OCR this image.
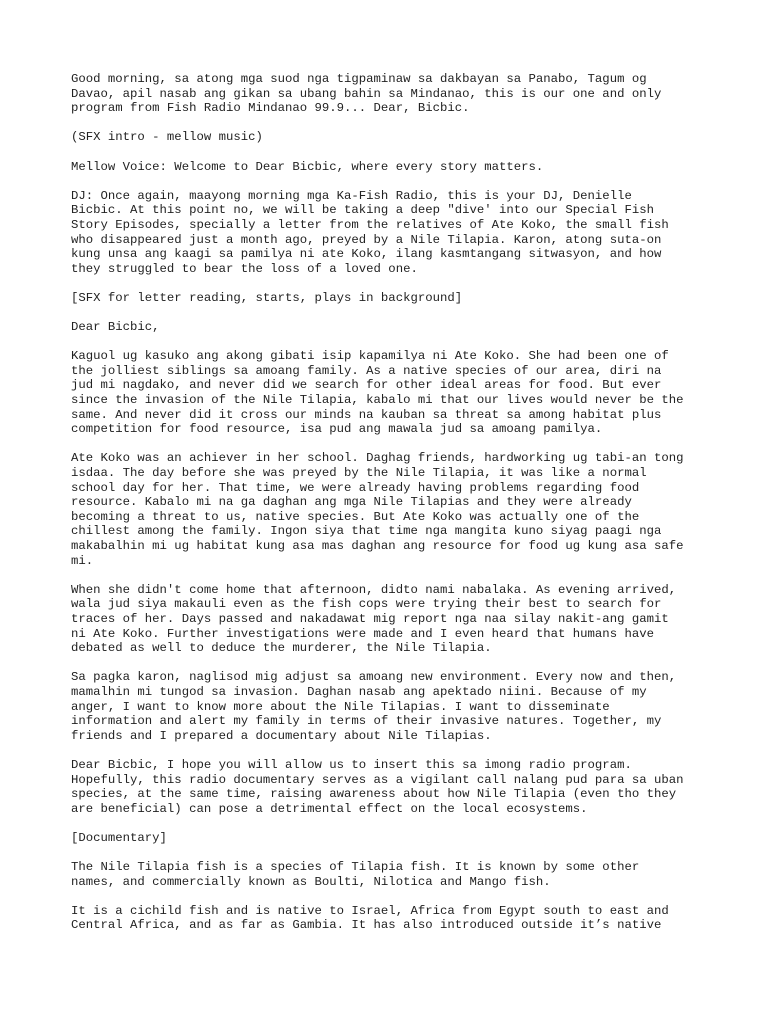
Good morning, sa atong mga suod nga tigpaminaw sa dakbayan sa Panabo, Tagum og
Davao, apil nasab ang gikan sa ubang bahin sa Mindanao, this is our one and only
program from Fish Radio Mindanao 99.9... Dear, Bicbic.

(SFX intro - mellow music)

Mellow Voice: Welcome to Dear Bicbic, where every story matters.

DJ: Once again, maayong morning mga Ka-Fish Radio, this is your DJ, Denielle
Bicbic. At this point no, we will be taking a deep "dive' into our Special Fish
Story Episodes, specially a letter from the relatives of Ate Koko, the small fish
who disappeared just a month ago, preyed by a Nile Tilapia. Karon, atong suta-on
kung unsa ang kaagi sa pamilya ni ate Koko, ilang kasmtangang sitwasyon, and how
they struggled to bear the loss of a loved one.

[SFX for letter reading, starts, plays in background]

Dear Bicbic,

Kaguol ug kasuko ang akong gibati isip kapamilya ni Ate Koko. She had been one of
the jolliest siblings sa amoang family. As a native species of our area, diri na
jud mi nagdako, and never did we search for other ideal areas for food. But ever
since the invasion of the Nile Tilapia, kabalo mi that our lives would never be the
same. And never did it cross our minds na kauban sa threat sa among habitat plus
competition for food resource, isa pud ang mawala jud sa amoang pamilya.

Ate Koko was an achiever in her school. Daghag friends, hardworking ug tabi-an tong
isdaa. The day before she was preyed by the Nile Tilapia, it was like a normal
school day for her. That time, we were already having problems regarding food
resource. Kabalo mi na ga daghan ang mga Nile Tilapias and they were already
becoming a threat to us, native species. But Ate Koko was actually one of the
chillest among the family. Ingon siya that time nga mangita kuno siyag paagi nga
makabalhin mi ug habitat kung asa mas daghan ang resource for food ug kung asa safe
mi.

When she didn't come home that afternoon, didto nami nabalaka. As evening arrived,
wala jud siya makauli even as the fish cops were trying their best to search for
traces of her. Days passed and nakadawat mig report nga naa silay nakit-ang gamit
ni Ate Koko. Further investigations were made and I even heard that humans have
debated as well to deduce the murderer, the Nile Tilapia.

Sa pagka karon, naglisod mig adjust sa amoang new environment. Every now and then,
mamalhin mi tungod sa invasion. Daghan nasab ang apektado niini. Because of my
anger, I want to know more about the Nile Tilapias. I want to disseminate
information and alert my family in terms of their invasive natures. Together, my
friends and I prepared a documentary about Nile Tilapias.

Dear Bicbic, I hope you will allow us to insert this sa imong radio program.
Hopefully, this radio documentary serves as a vigilant call nalang pud para sa uban
species, at the same time, raising awareness about how Nile Tilapia (even tho they
are beneficial) can pose a detrimental effect on the local ecosystems.

[Documentary]

The Nile Tilapia fish is a species of Tilapia fish. It is known by some other
names, and commercially known as Boulti, Nilotica and Mango fish.

It is a cichild fish and is native to Israel, Africa from Egypt south to east and
Central Africa, and as far as Gambia. It has also introduced outside it’s native
